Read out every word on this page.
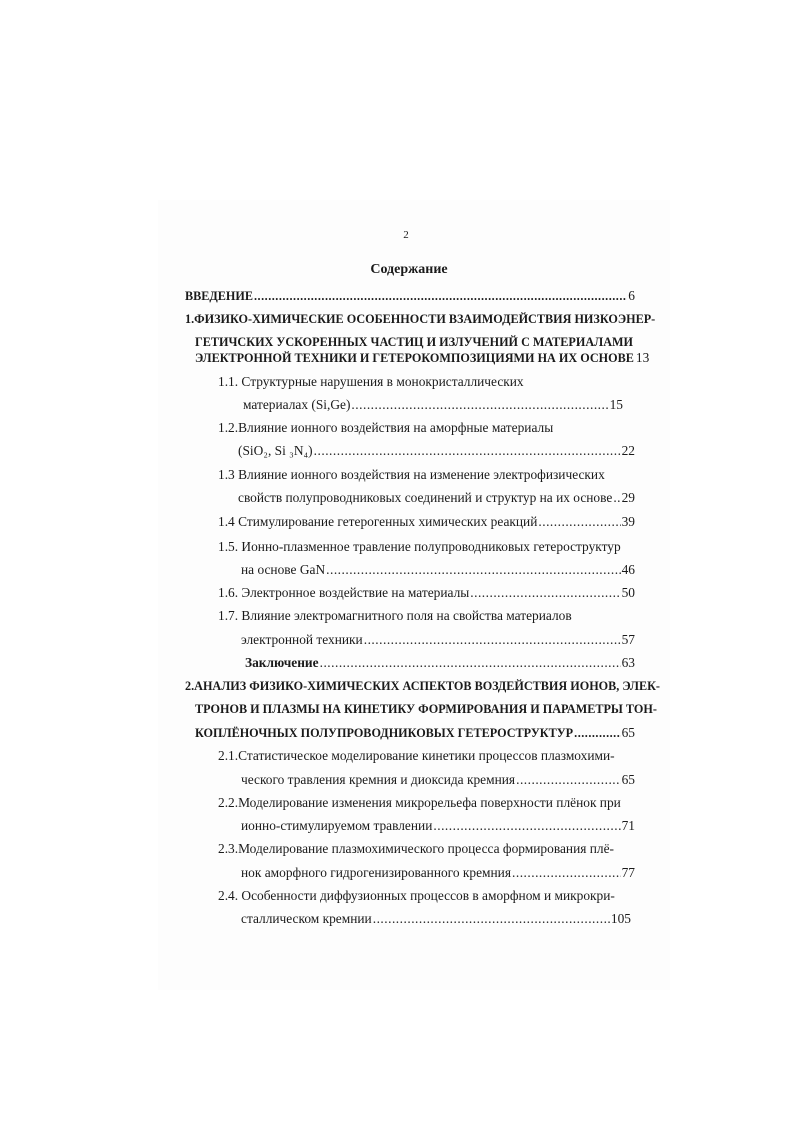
2
Содержание
ВВЕДЕНИЕ .....	6
1.ФИЗИКО-ХИМИЧЕСКИЕ ОСОБЕННОСТИ ВЗАИМОДЕЙСТВИЯ НИЗКОЭНЕР-
ГЕТИЧСКИХ УСКОРЕННЫХ ЧАСТИЦ И ИЗЛУЧЕНИЙ С МАТЕРИАЛАМИ
ЭЛЕКТРОННОЙ ТЕХНИКИ И ГЕТЕРОКОМПОЗИЦИЯМИ НА ИХ ОСНОВЕ 13
1.1. Структурные нарушения в монокристаллических
материалах (Si,Ge) .....	15
1.2.Влияние ионного воздействия на аморфные материалы
(SiO₂, Si ₃N₄) .....	22
1.3 Влияние ионного воздействия на изменение электрофизических
свойств полупроводниковых соединений и структур на их основе ..... 29
1.4 Стимулирование гетерогенных химических реакций .....	39
1.5. Ионно-плазменное травление полупроводниковых гетероструктур
на основе GaN .....	46
1.6. Электронное воздействие на материалы .....	50
1.7. Влияние электромагнитного поля на свойства материалов
электронной техники .....	57
Заключение .....	63
2.АНАЛИЗ ФИЗИКО-ХИМИЧЕСКИХ АСПЕКТОВ ВОЗДЕЙСТВИЯ ИОНОВ, ЭЛЕК-
ТРОНОВ И ПЛАЗМЫ НА КИНЕТИКУ ФОРМИРОВАНИЯ И ПАРАМЕТРЫ ТОН-
КОПЛЁНОЧНЫХ ПОЛУПРОВОДНИКОВЫХ ГЕТЕРОСТРУКТУР .....	65
2.1.Статистическое моделирование кинетики процессов плазмохими-
ческого травления кремния и диоксида кремния .....	65
2.2.Моделирование изменения микрорельефа поверхности плёнок при
ионно-стимулируемом травлении .....	71
2.3.Моделирование плазмохимического процесса формирования плё-
нок аморфного гидрогенизированного кремния .....	77
2.4. Особенности диффузионных процессов в аморфном и микрокри-
сталлическом кремнии .....	105
